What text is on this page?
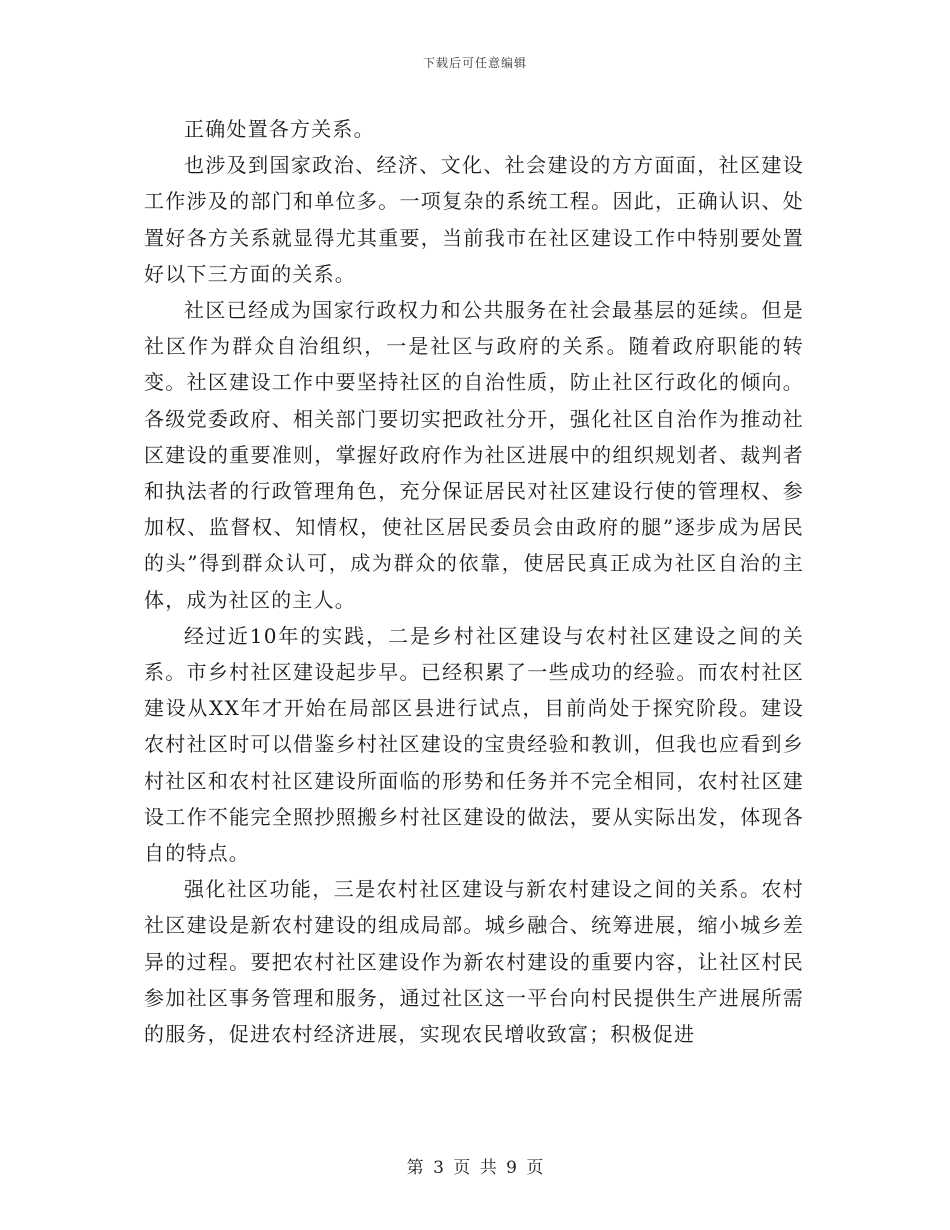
下载后可任意编辑

正确处置各方关系。

也涉及到国家政治、经济、文化、社会建设的方方面面，社区建设工作涉及的部门和单位多。一项复杂的系统工程。因此，正确认识、处置好各方关系就显得尤其重要，当前我市在社区建设工作中特别要处置好以下三方面的关系。

社区已经成为国家行政权力和公共服务在社会最基层的延续。但是社区作为群众自治组织，一是社区与政府的关系。随着政府职能的转变。社区建设工作中要坚持社区的自治性质，防止社区行政化的倾向。各级党委政府、相关部门要切实把政社分开，强化社区自治作为推动社区建设的重要准则，掌握好政府作为社区进展中的组织规划者、裁判者和执法者的行政管理角色，充分保证居民对社区建设行使的管理权、参加权、监督权、知情权，使社区居民委员会由政府的腿”逐步成为居民的头”得到群众认可，成为群众的依靠，使居民真正成为社区自治的主体，成为社区的主人。

经过近10年的实践，二是乡村社区建设与农村社区建设之间的关系。市乡村社区建设起步早。已经积累了一些成功的经验。而农村社区建设从XX年才开始在局部区县进行试点，目前尚处于探究阶段。建设农村社区时可以借鉴乡村社区建设的宝贵经验和教训，但我也应看到乡村社区和农村社区建设所面临的形势和任务并不完全相同，农村社区建设工作不能完全照抄照搬乡村社区建设的做法，要从实际出发，体现各自的特点。

强化社区功能，三是农村社区建设与新农村建设之间的关系。农村社区建设是新农村建设的组成局部。城乡融合、统筹进展，缩小城乡差异的过程。要把农村社区建设作为新农村建设的重要内容，让社区村民参加社区事务管理和服务，通过社区这一平台向村民提供生产进展所需的服务，促进农村经济进展，实现农民增收致富；积极促进

第 3 页 共 9 页
